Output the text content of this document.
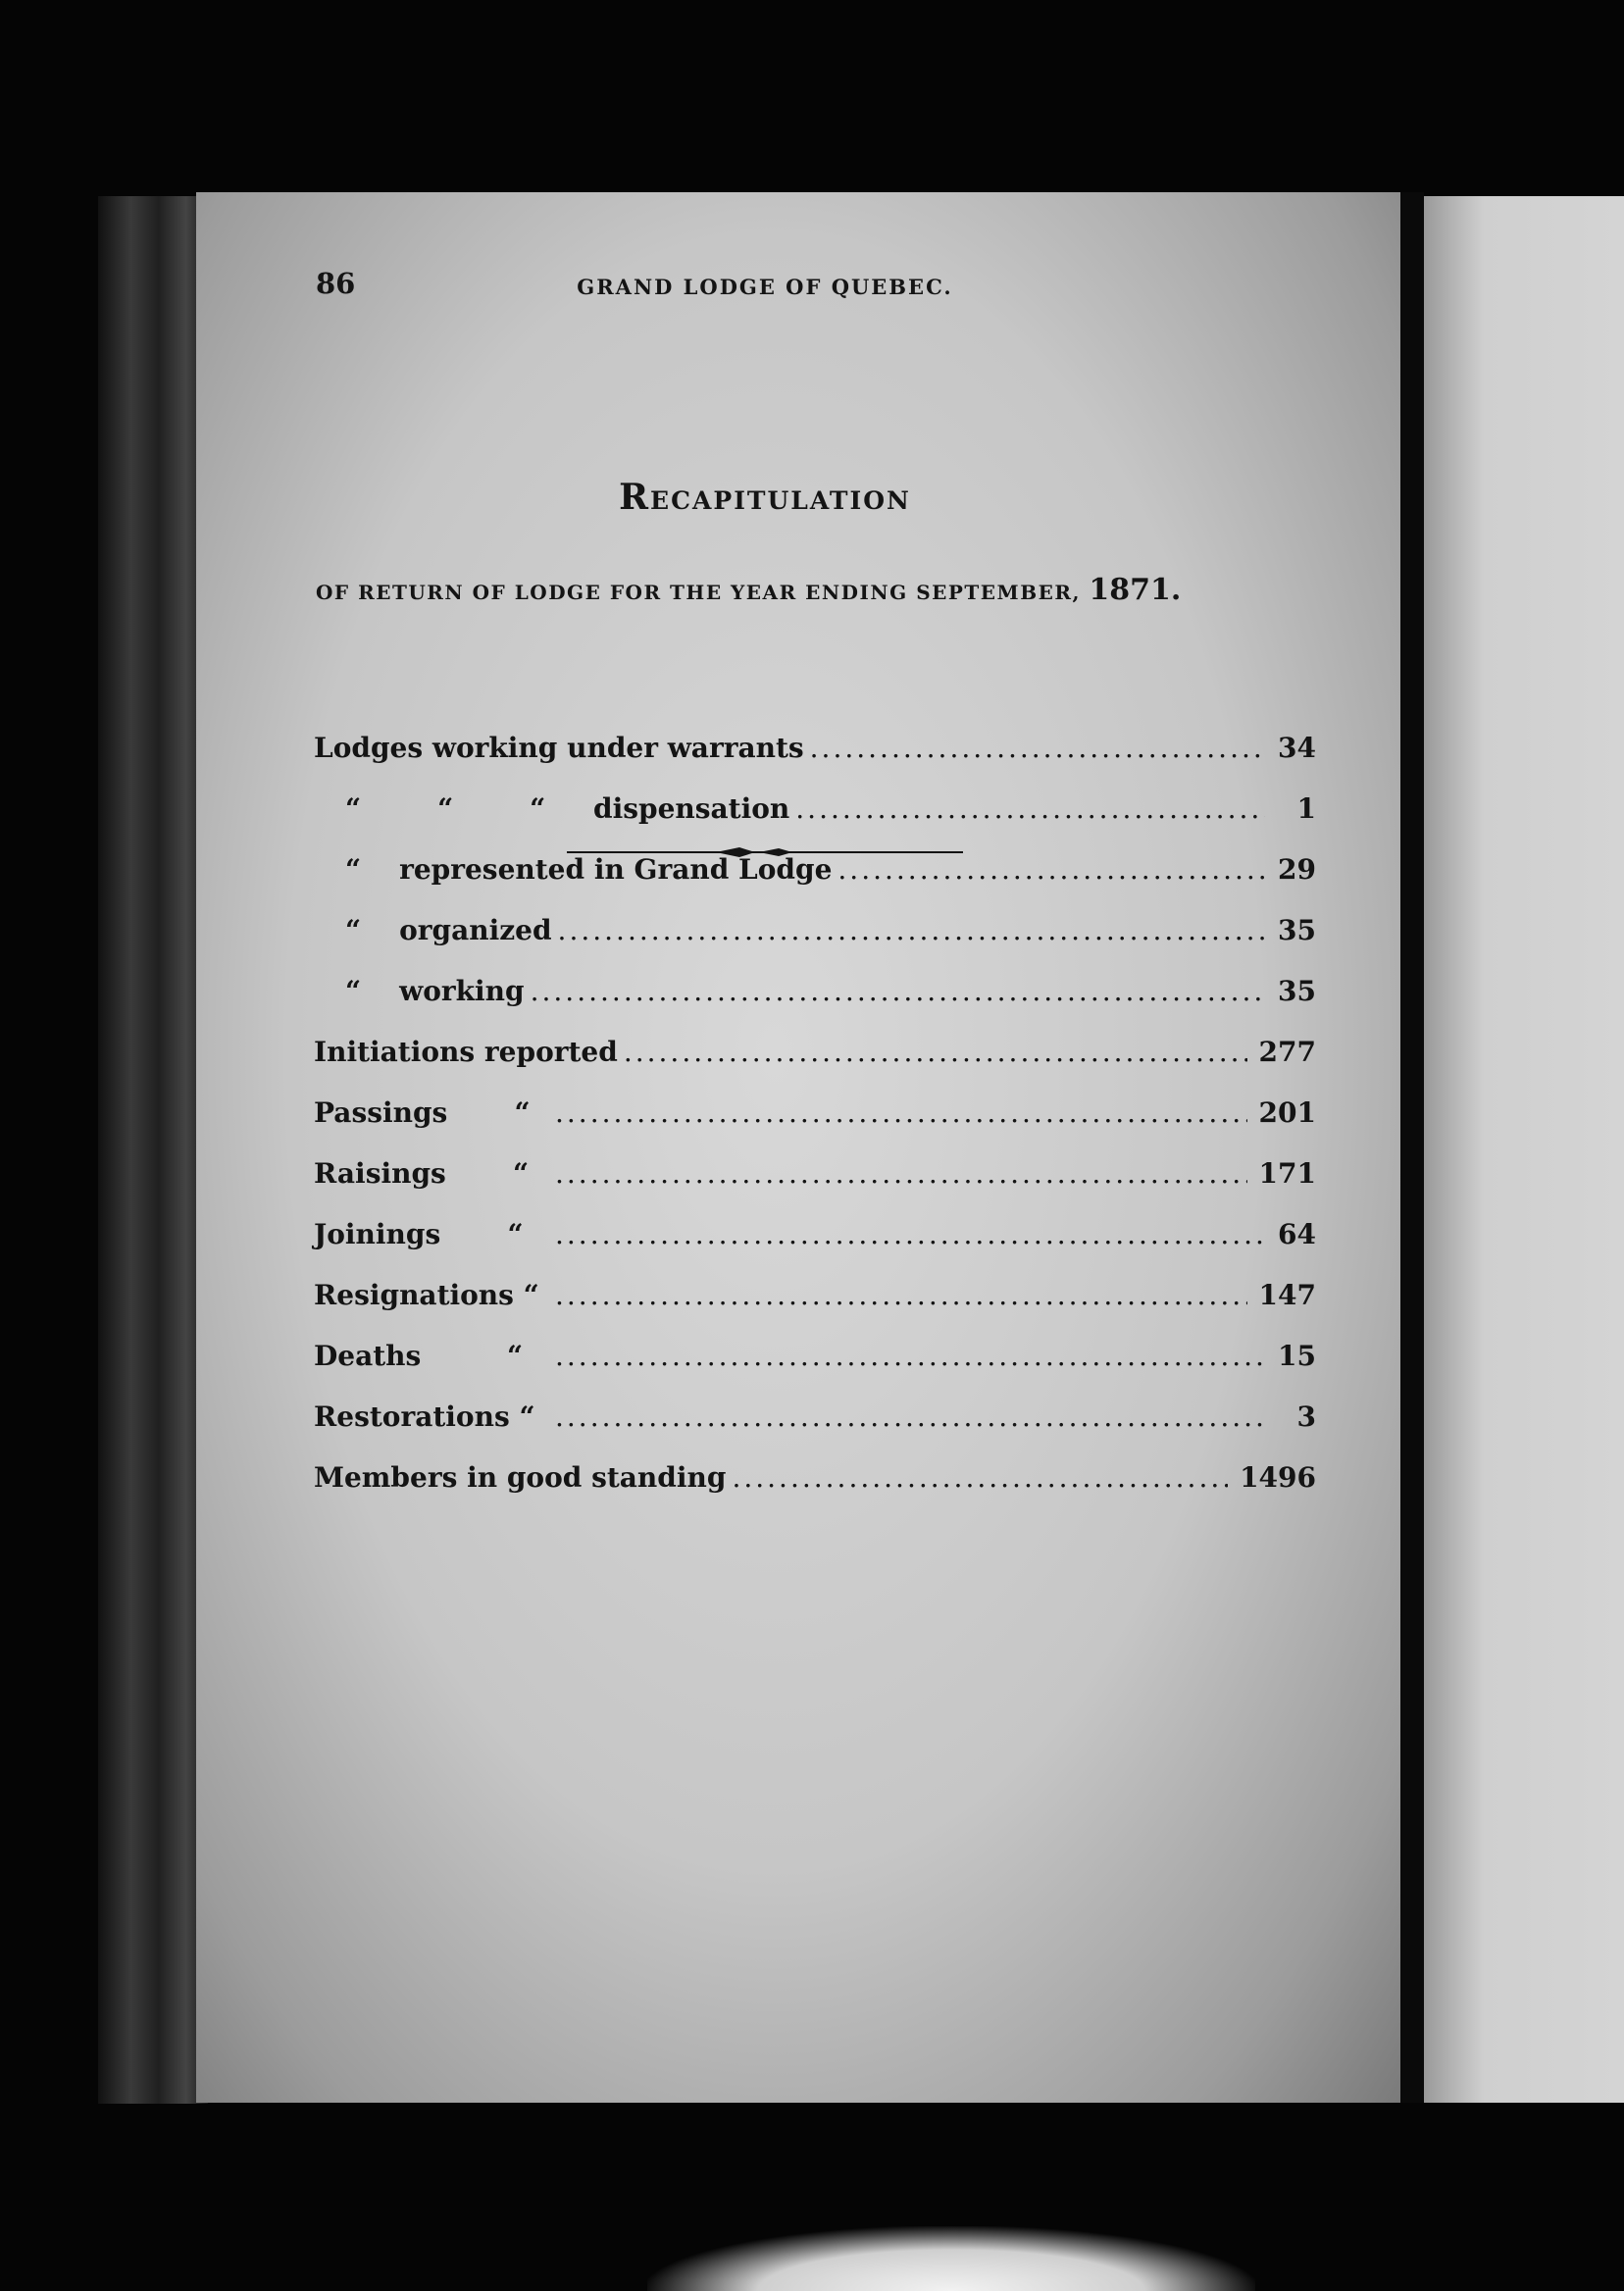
86	GRAND LODGE OF QUEBEC.
Recapitulation
OF RETURN OF LODGE FOR THE YEAR ENDING SEPTEMBER, 1871.
Lodges working under warrants .....	34
“        “        “     dispensation .....	1
“    represented in Grand Lodge .....	29
“    organized .....	35
“    working .....	35
Initiations reported .....	277
Passings       “ .....	201
Raisings       “ .....	171
Joinings       “ .....	64
Resignations “ .....	147
Deaths         “ .....	15
Restorations “ .....	3
Members in good standing .....	1496
